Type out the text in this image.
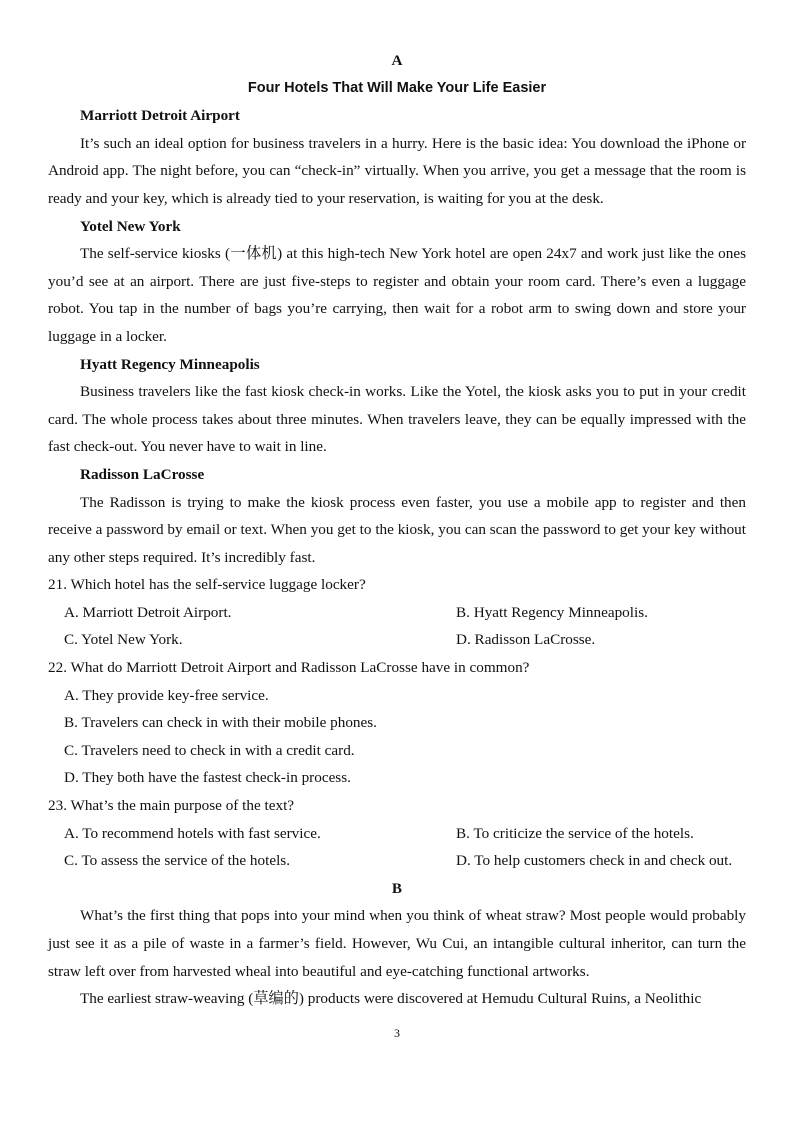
A
Four Hotels That Will Make Your Life Easier
Marriott Detroit Airport

It’s such an ideal option for business travelers in a hurry. Here is the basic idea: You download the iPhone or Android app. The night before, you can “check-in” virtually. When you arrive, you get a message that the room is ready and your key, which is already tied to your reservation, is waiting for you at the desk.

Yotel New York

The self-service kiosks (一体机) at this high-tech New York hotel are open 24x7 and work just like the ones you’d see at an airport. There are just five-steps to register and obtain your room card. There’s even a luggage robot. You tap in the number of bags you’re carrying, then wait for a robot arm to swing down and store your luggage in a locker.

Hyatt Regency Minneapolis

Business travelers like the fast kiosk check-in works. Like the Yotel, the kiosk asks you to put in your credit card. The whole process takes about three minutes. When travelers leave, they can be equally impressed with the fast check-out. You never have to wait in line.

Radisson LaCrosse

The Radisson is trying to make the kiosk process even faster, you use a mobile app to register and then receive a password by email or text. When you get to the kiosk, you can scan the password to get your key without any other steps required. It’s incredibly fast.

21. Which hotel has the self-service luggage locker?
A. Marriott Detroit Airport.	B. Hyatt Regency Minneapolis.
C. Yotel New York.	D. Radisson LaCrosse.
22. What do Marriott Detroit Airport and Radisson LaCrosse have in common?
A. They provide key-free service.
B. Travelers can check in with their mobile phones.
C. Travelers need to check in with a credit card.
D. They both have the fastest check-in process.
23. What’s the main purpose of the text?
A. To recommend hotels with fast service.	B. To criticize the service of the hotels.
C. To assess the service of the hotels.	D. To help customers check in and check out.
B

What’s the first thing that pops into your mind when you think of wheat straw? Most people would probably just see it as a pile of waste in a farmer’s field. However, Wu Cui, an intangible cultural inheritor, can turn the straw left over from harvested wheal into beautiful and eye-catching functional artworks.

The earliest straw-weaving (草编的) products were discovered at Hemudu Cultural Ruins, a Neolithic

3
